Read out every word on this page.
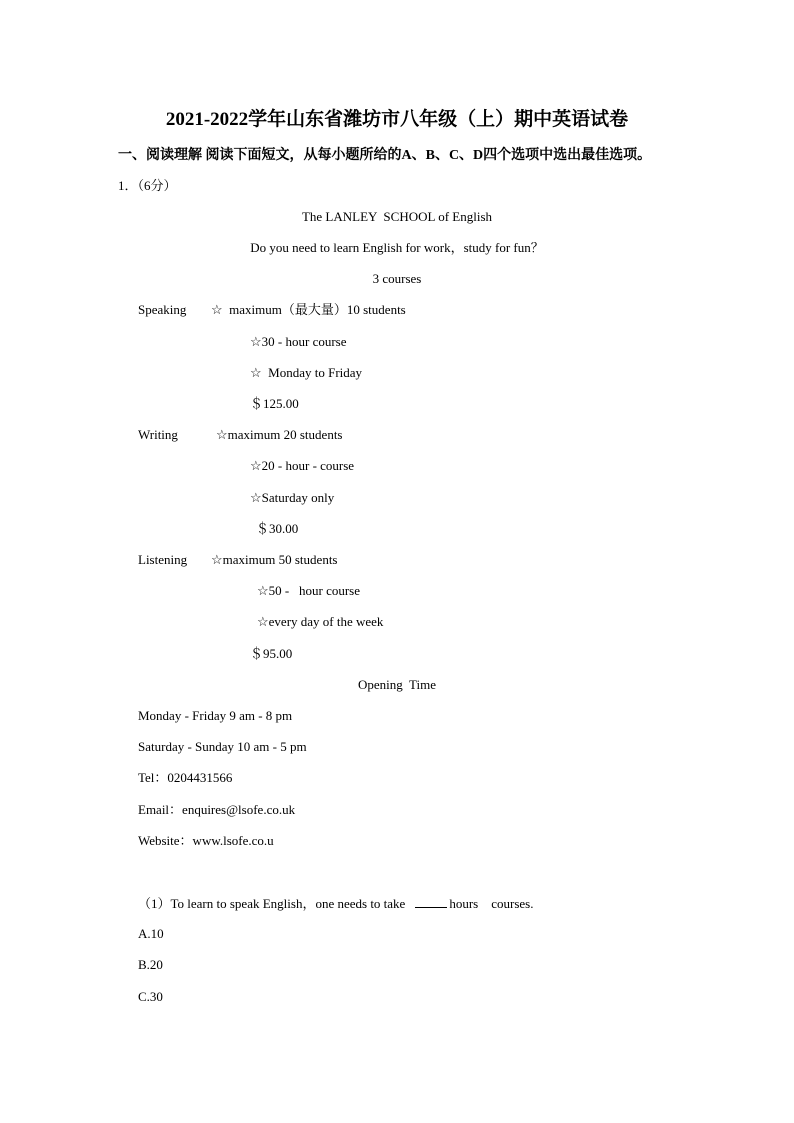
2021-2022学年山东省潍坊市八年级（上）期中英语试卷
一、阅读理解 阅读下面短文，从每小题所给的A、B、C、D四个选项中选出最佳选项。
1．（6分）
The LANLEY  SCHOOL of English
Do you need to learn English for work，study for fun？
3 courses
Speaking ☆  maximum（最大量）10 students
☆30 - hour course
☆  Monday to Friday
＄125.00
Writing	☆maximum 20 students
☆20 - hour - course
☆Saturday only
＄30.00
Listening ☆maximum 50 students
☆50 -   hour course
☆every day of the week
＄95.00
Opening  Time
Monday - Friday 9 am - 8 pm
Saturday - Sunday 10 am - 5 pm
Tel：0204431566
Email：enquires@lsofe.co.uk
Website：www.lsofe.co.u
（1）To learn to speak English，one needs to take	hours    courses.
A.10
B.20
C.30
